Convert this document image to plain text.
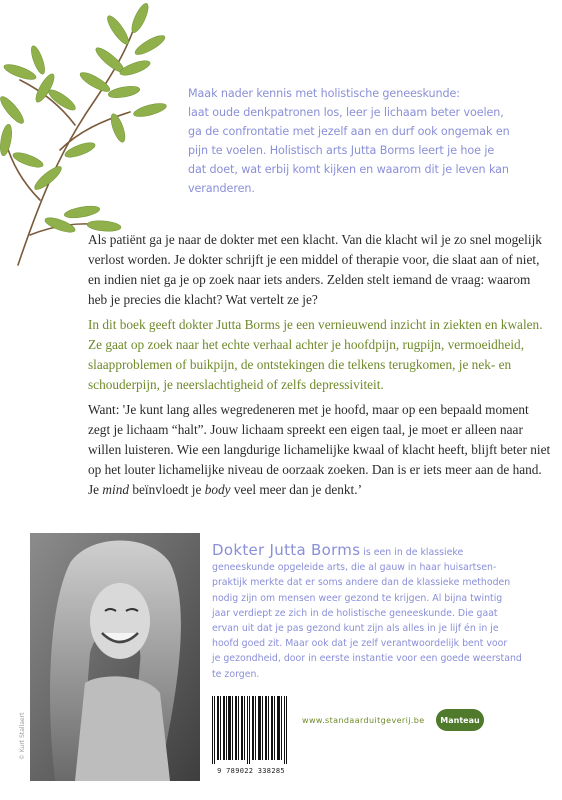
Maak nader kennis met holistische geneeskunde:
laat oude denkpatronen los, leer je lichaam beter voelen,
ga de confrontatie met jezelf aan en durf ook ongemak en
pijn te voelen. Holistisch arts Jutta Borms leert je hoe je
dat doet, wat erbij komt kijken en waarom dit je leven kan
veranderen.

Als patiënt ga je naar de dokter met een klacht. Van die klacht wil je zo snel mogelijk
verlost worden. Je dokter schrijft je een middel of therapie voor, die slaat aan of niet,
en indien niet ga je op zoek naar iets anders. Zelden stelt iemand de vraag: waarom
heb je precies die klacht? Wat vertelt ze je?

In dit boek geeft dokter Jutta Borms je een vernieuwend inzicht in ziekten en kwalen.
Ze gaat op zoek naar het echte verhaal achter je hoofdpijn, rugpijn, vermoeidheid,
slaapproblemen of buikpijn, de ontstekingen die telkens terugkomen, je nek- en
schouderpijn, je neerslachtigheid of zelfs depressiviteit.

Want: 'Je kunt lang alles wegredeneren met je hoofd, maar op een bepaald moment
zegt je lichaam “halt”. Jouw lichaam spreekt een eigen taal, je moet er alleen naar
willen luisteren. Wie een langdurige lichamelijke kwaal of klacht heeft, blijft beter niet
op het louter lichamelijke niveau de oorzaak zoeken. Dan is er iets meer aan de hand.
Je mind beïnvloedt je body veel meer dan je denkt.’

© Kurt Stallaert

Dokter Jutta Borms is een in de klassieke
geneeskunde opgeleide arts, die al gauw in haar huisartsen-
praktijk merkte dat er soms andere dan de klassieke methoden
nodig zijn om mensen weer gezond te krijgen. Al bijna twintig
jaar verdiept ze zich in de holistische geneeskunde. Die gaat
ervan uit dat je pas gezond kunt zijn als alles in je lijf én in je
hoofd goed zit. Maar ook dat je zelf verantwoordelijk bent voor
je gezondheid, door in eerste instantie voor een goede weerstand
te zorgen.

9 789022 338285
www.standaarduitgeverij.be	Manteau
